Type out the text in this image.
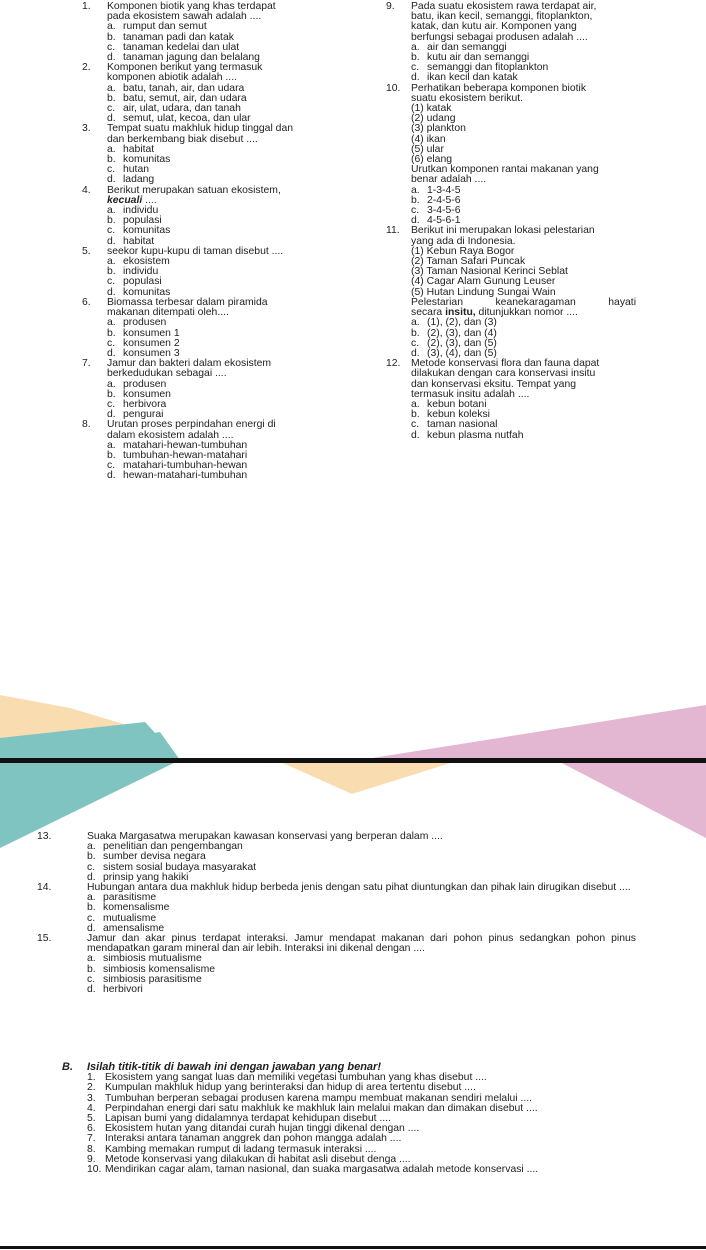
1. Komponen biotik yang khas terdapat
pada ekosistem sawah adalah ....
a. rumput dan semut
b. tanaman padi dan katak
c. tanaman kedelai dan ulat
d. tanaman jagung dan belalang
2. Komponen berikut yang termasuk
komponen abiotik adalah ....
a. batu, tanah, air, dan udara
b. batu, semut, air, dan udara
c. air, ulat, udara, dan tanah
d. semut, ulat, kecoa, dan ular
3. Tempat suatu makhluk hidup tinggal dan
dan berkembang biak disebut ....
a. habitat
b. komunitas
c. hutan
d. ladang
4. Berikut merupakan satuan ekosistem,
kecuali ....
a. individu
b. populasi
c. komunitas
d. habitat
5. seekor kupu-kupu di taman disebut ....
a. ekosistem
b. individu
c. populasi
d. komunitas
6. Biomassa terbesar dalam piramida
makanan ditempati oleh....
a. produsen
b. konsumen 1
c. konsumen 2
d. konsumen 3
7. Jamur dan bakteri dalam ekosistem
berkedudukan sebagai ....
a. produsen
b. konsumen
c. herbivora
d. pengurai
8. Urutan proses perpindahan energi di
dalam ekosistem adalah ....
a. matahari-hewan-tumbuhan
b. tumbuhan-hewan-matahari
c. matahari-tumbuhan-hewan
d. hewan-matahari-tumbuhan
9. Pada suatu ekosistem rawa terdapat air,
batu, ikan kecil, semanggi, fitoplankton,
katak, dan kutu air. Komponen yang
berfungsi sebagai produsen adalah ....
a. air dan semanggi
b. kutu air dan semanggi
c. semanggi dan fitoplankton
d. ikan kecil dan katak
10. Perhatikan beberapa komponen biotik
suatu ekosistem berikut.
(1) katak
(2) udang
(3) plankton
(4) ikan
(5) ular
(6) elang
Urutkan komponen rantai makanan yang
benar adalah ....
a. 1-3-4-5
b. 2-4-5-6
c. 3-4-5-6
d. 4-5-6-1
11. Berikut ini merupakan lokasi pelestarian
yang ada di Indonesia.
(1) Kebun Raya Bogor
(2) Taman Safari Puncak
(3) Taman Nasional Kerinci Seblat
(4) Cagar Alam Gunung Leuser
(5) Hutan Lindung Sungai Wain
Pelestarian keanekaragaman hayati
secara insitu, ditunjukkan nomor ....
a. (1), (2), dan (3)
b. (2), (3), dan (4)
c. (2), (3), dan (5)
d. (3), (4), dan (5)
12. Metode konservasi flora dan fauna dapat
dilakukan dengan cara konservasi insitu
dan konservasi eksitu. Tempat yang
termasuk insitu adalah ....
a. kebun botani
b. kebun koleksi
c. taman nasional
d. kebun plasma nutfah
13.	Suaka Margasatwa merupakan kawasan konservasi yang berperan dalam ....
a. penelitian dan pengembangan
b. sumber devisa negara
c. sistem sosial budaya masyarakat
d. prinsip yang hakiki
14.	Hubungan antara dua makhluk hidup berbeda jenis dengan satu pihat diuntungkan dan pihak lain dirugikan disebut ....
a. parasitisme
b. komensalisme
c. mutualisme
d. amensalisme
15.	Jamur dan akar pinus terdapat interaksi. Jamur mendapat makanan dari pohon pinus sedangkan pohon pinus mendapatkan garam mineral dan air lebih. Interaksi ini dikenal dengan ....
a. simbiosis mutualisme
b. simbiosis komensalisme
c. simbiosis parasitisme
d. herbivori
B. Isilah titik-titik di bawah ini dengan jawaban yang benar!
1. Ekosistem yang sangat luas dan memiliki vegetasi tumbuhan yang khas disebut ....
2. Kumpulan makhluk hidup yang berinteraksi dan hidup di area tertentu disebut ....
3. Tumbuhan berperan sebagai produsen karena mampu membuat makanan sendiri melalui ....
4. Perpindahan energi dari satu makhluk ke makhluk lain melalui makan dan dimakan disebut ....
5. Lapisan bumi yang didalamnya terdapat kehidupan disebut ....
6. Ekosistem hutan yang ditandai curah hujan tinggi dikenal dengan ....
7. Interaksi antara tanaman anggrek dan pohon mangga adalah ....
8. Kambing memakan rumput di ladang termasuk interaksi ....
9. Metode konservasi yang dilakukan di habitat asli disebut denga ....
10. Mendirikan cagar alam, taman nasional, dan suaka margasatwa adalah metode konservasi ....
